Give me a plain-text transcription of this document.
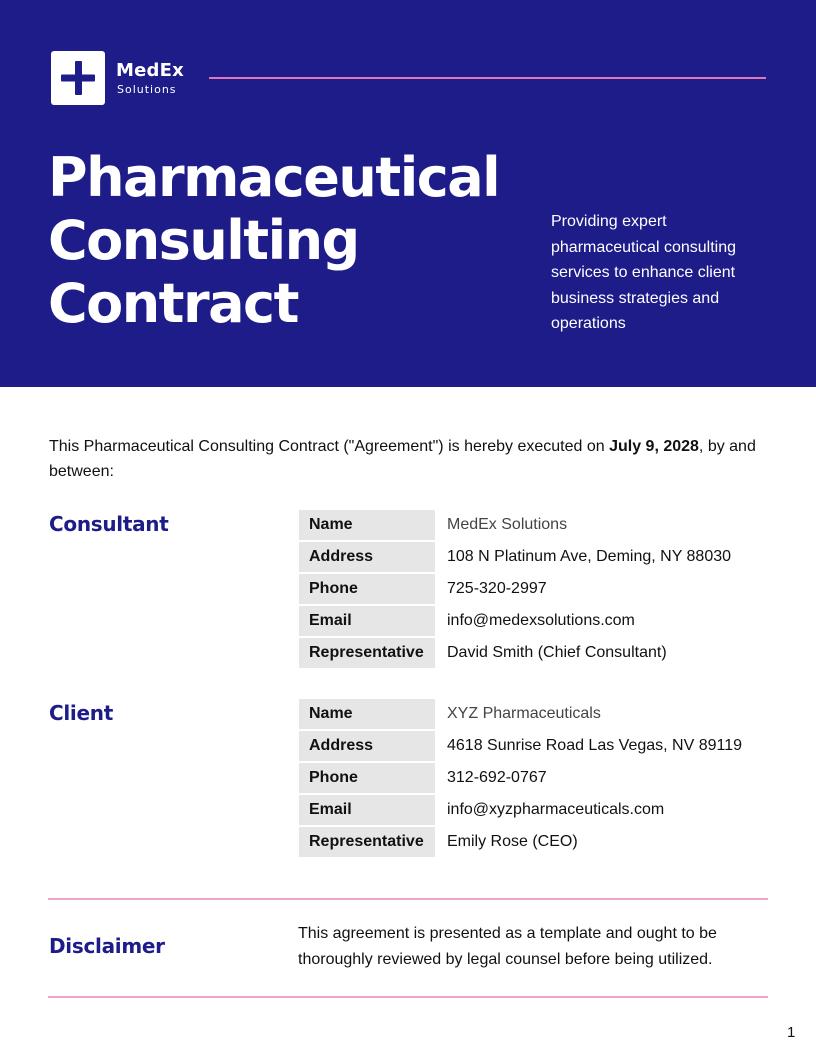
MedEx
Solutions
Pharmaceutical
Consulting
Contract
Providing expert pharmaceutical consulting services to enhance client business strategies and operations
This Pharmaceutical Consulting Contract ("Agreement") is hereby executed on July 9, 2028, by and between:
Consultant	Name	MedEx Solutions
Address	108 N Platinum Ave, Deming, NY 88030
Phone	725-320-2997
Email	info@medexsolutions.com
Representative	David Smith (Chief Consultant)
Client	Name	XYZ Pharmaceuticals
Address	4618 Sunrise Road Las Vegas, NV 89119
Phone	312-692-0767
Email	info@xyzpharmaceuticals.com
Representative	Emily Rose (CEO)
Disclaimer
This agreement is presented as a template and ought to be thoroughly reviewed by legal counsel before being utilized.
1
